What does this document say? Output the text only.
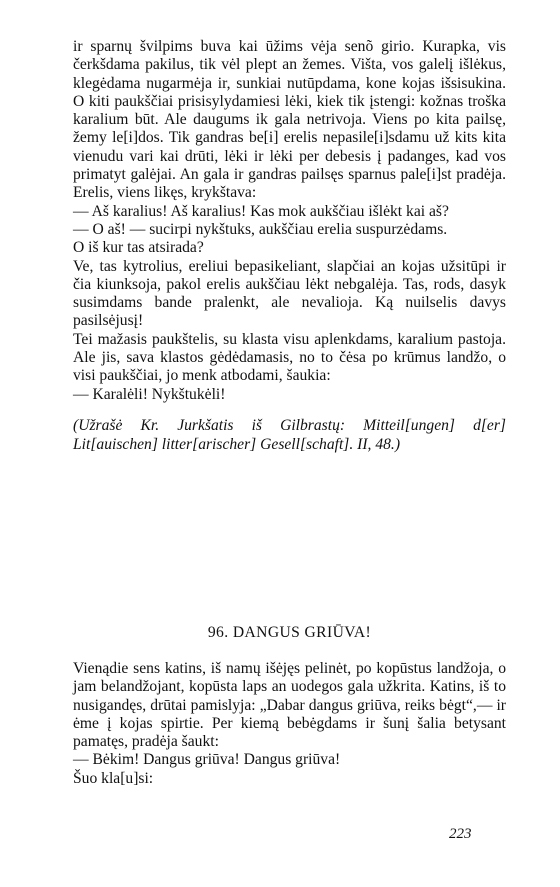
ir sparnų švilpims buva kai ūžims vėja senõ girio. Kurapka, vis čerkšdama pakilus, tik vėl plept an žemes. Višta, vos galelį išlėkus, klegėdama nugarmėja ir, sunkiai nutūpdama, kone kojas išsisukina. O kiti paukščiai prisisylydamiesi lėki, kiek tik įstengi: kožnas troška karalium būt. Ale daugums ik gala netrivoja. Viens po kita pailsę, žemy le[i]dos. Tik gandras be[i] erelis nepasile[i]sdamu už kits kita vienudu vari kai drūti, lėki ir lėki per debesis į padanges, kad vos primatyt galėjai. An gala ir gandras pailsęs sparnus pale[i]st pradėja. Erelis, viens likęs, krykštava:

— Aš karalius! Aš karalius! Kas mok aukščiau išlėkt kai aš?

— O aš! — sucirpi nykštuks, aukščiau erelia suspurzėdams.

O iš kur tas atsirada?

Ve, tas kytrolius, ereliui bepasikeliant, slapčiai an kojas užsitūpi ir čia kiunksoja, pakol erelis aukščiau lėkt nebgalėja. Tas, rods, dasyk susimdams bande pralenkt, ale nevalioja. Ką nuilselis davys pasilsėjusį!

Tei mažasis paukštelis, su klasta visu aplenkdams, karalium pastoja. Ale jis, sava klastos gėdėdamasis, no to čėsa po krūmus landžo, o visi paukščiai, jo menk atbodami, šaukia:

— Karalėli! Nykštukėli!

(Užrašė Kr. Jurkšatis iš Gilbrastų: Mitteil[ungen] d[er] Lit[auischen] litter[arischer] Gesell[schaft]. II, 48.)

96. DANGUS GRIŪVA!

Vienądie sens katins, iš namų išėjęs pelinėt, po kopūstus landžoja, o jam belandžojant, kopūsta laps an uodegos gala užkrita. Katins, iš to nusigandęs, drūtai pamislyja: „Dabar dangus griūva, reiks bėgt“,— ir ėme į kojas spirtie. Per kiemą bebėgdams ir šunį šalia betysant pamatęs, pradėja šaukt:

— Bėkim! Dangus griūva! Dangus griūva!

Šuo kla[u]si:

223
